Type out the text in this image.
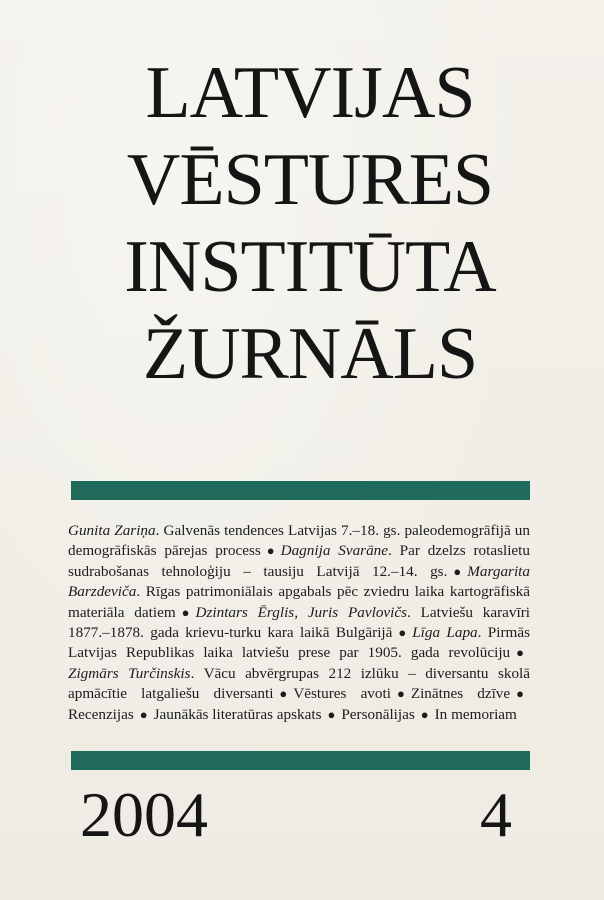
LATVIJAS
VĒSTURES
INSTITŪTA
ŽURNĀLS
Gunita Zariņa. Galvenās tendences Latvijas 7.–18. gs. paleodemogrāfijā un demogrāfiskās pārejas process ● Dagnija Svarāne. Par dzelzs rotaslietu sudrabošanas tehnoloģiju – tausiju Latvijā 12.–14. gs. ● Margarita Barzdeviča. Rīgas patrimoniālais apgabals pēc zviedru laika kartogrāfiskā materiāla datiem ● Dzintars Ērglis, Juris Pavlovičs. Latviešu karavīri 1877.–1878. gada krievu-turku kara laikā Bulgārijā ● Līga Lapa. Pirmās Latvijas Republikas laika latviešu prese par 1905. gada revolūciju ●Zigmārs Turčinskis. Vācu abvērgrupas 212 izlūku – diversantu skolā apmācītie latgaliešu diversanti ● Vēstures avoti ● Zinātnes dzīve ●Recenzijas ● Jaunākās literatūras apskats ● Personālijas ● In memoriam
2004	4
